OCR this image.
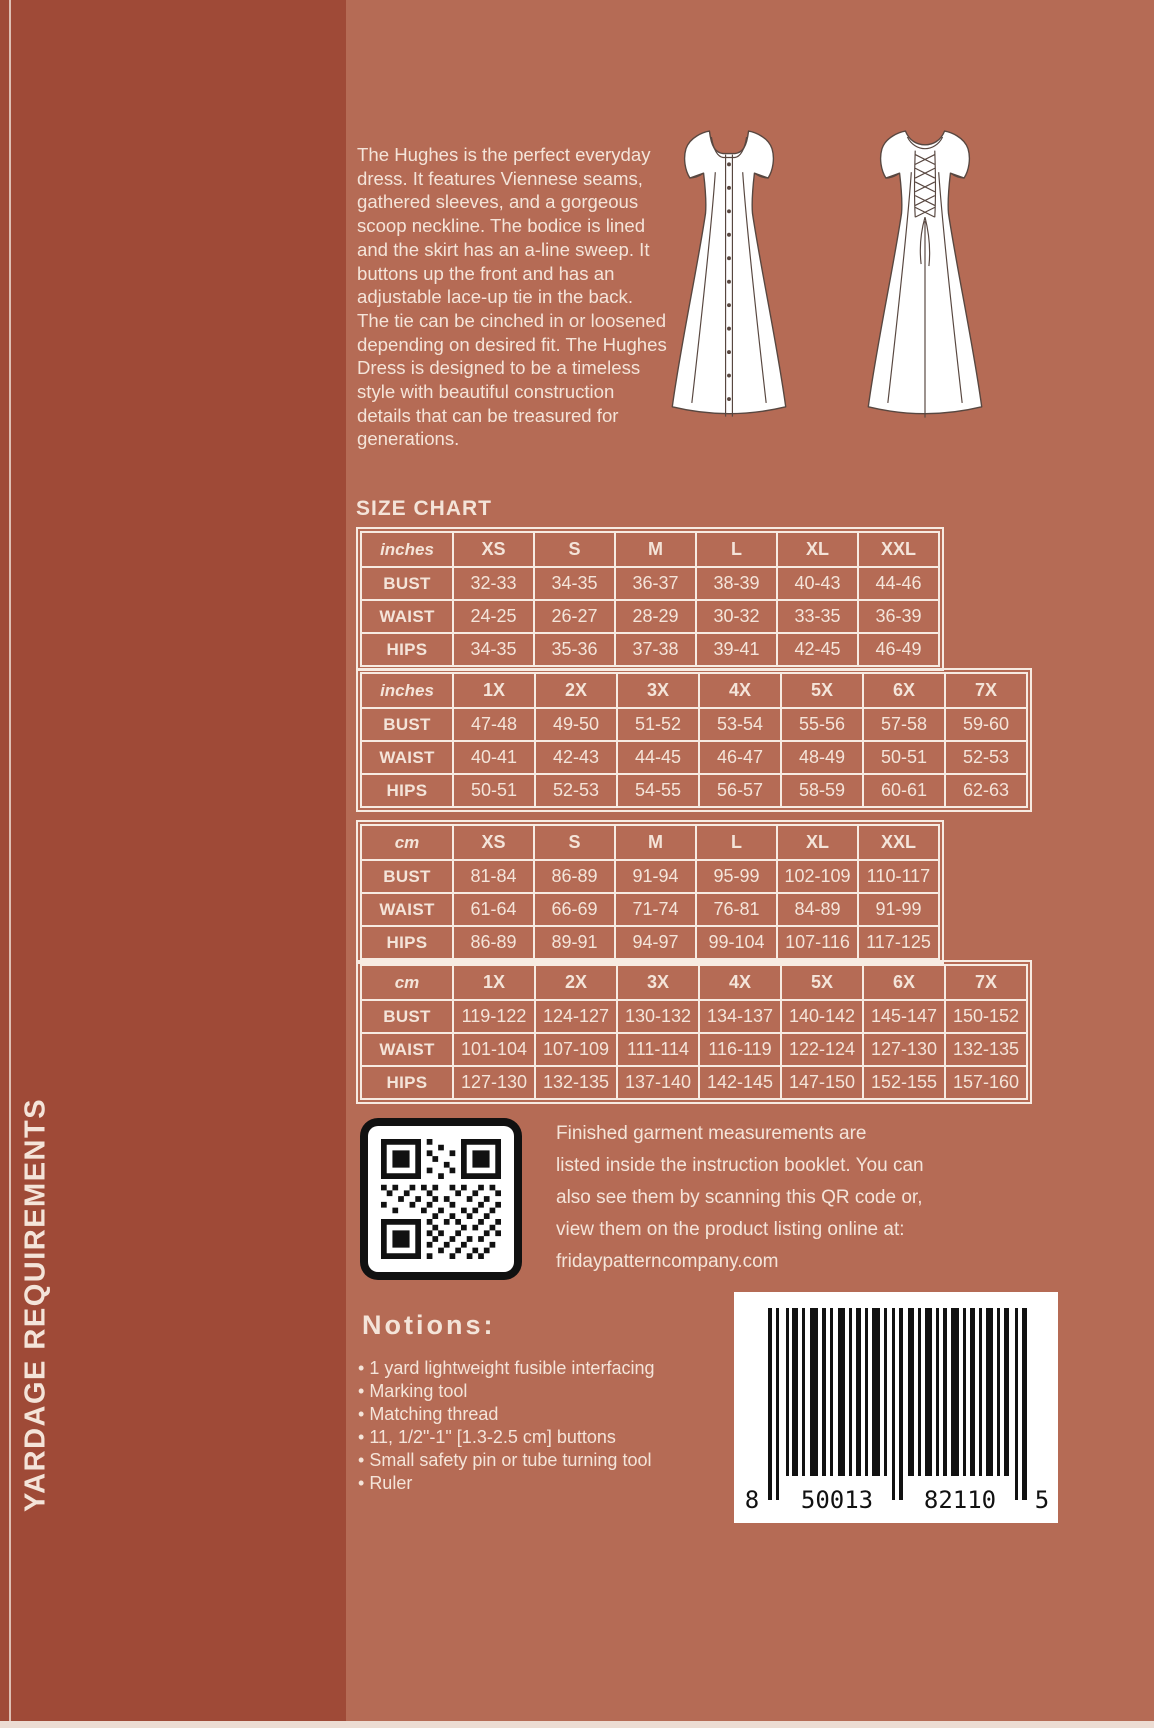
YARDAGE REQUIREMENTS
The Hughes is the perfect everyday dress. It features Viennese seams, gathered sleeves, and a gorgeous scoop neckline. The bodice is lined and the skirt has an a-line sweep. It buttons up the front and has an adjustable lace-up tie in the back. The tie can be cinched in or loosened depending on desired fit. The Hughes Dress is designed to be a timeless style with beautiful construction details that can be treasured for generations.
SIZE CHART
inches	XS	S	M	L	XL	XXL
BUST	32-33	34-35	36-37	38-39	40-43	44-46
WAIST	24-25	26-27	28-29	30-32	33-35	36-39
HIPS	34-35	35-36	37-38	39-41	42-45	46-49
inches	1X	2X	3X	4X	5X	6X	7X
BUST	47-48	49-50	51-52	53-54	55-56	57-58	59-60
WAIST	40-41	42-43	44-45	46-47	48-49	50-51	52-53
HIPS	50-51	52-53	54-55	56-57	58-59	60-61	62-63
cm	XS	S	M	L	XL	XXL
BUST	81-84	86-89	91-94	95-99	102-109	110-117
WAIST	61-64	66-69	71-74	76-81	84-89	91-99
HIPS	86-89	89-91	94-97	99-104	107-116	117-125
cm	1X	2X	3X	4X	5X	6X	7X
BUST	119-122	124-127	130-132	134-137	140-142	145-147	150-152
WAIST	101-104	107-109	111-114	116-119	122-124	127-130	132-135
HIPS	127-130	132-135	137-140	142-145	147-150	152-155	157-160
Finished garment measurements are
listed inside the instruction booklet. You can
also see them by scanning this QR code or,
view them on the product listing online at:
fridaypatterncompany.com
Notions:
• 1 yard lightweight fusible interfacing
• Marking tool
• Matching thread
• 11, 1/2"-1" [1.3-2.5 cm] buttons
• Small safety pin or tube turning tool
• Ruler
8 50013 82110 5
